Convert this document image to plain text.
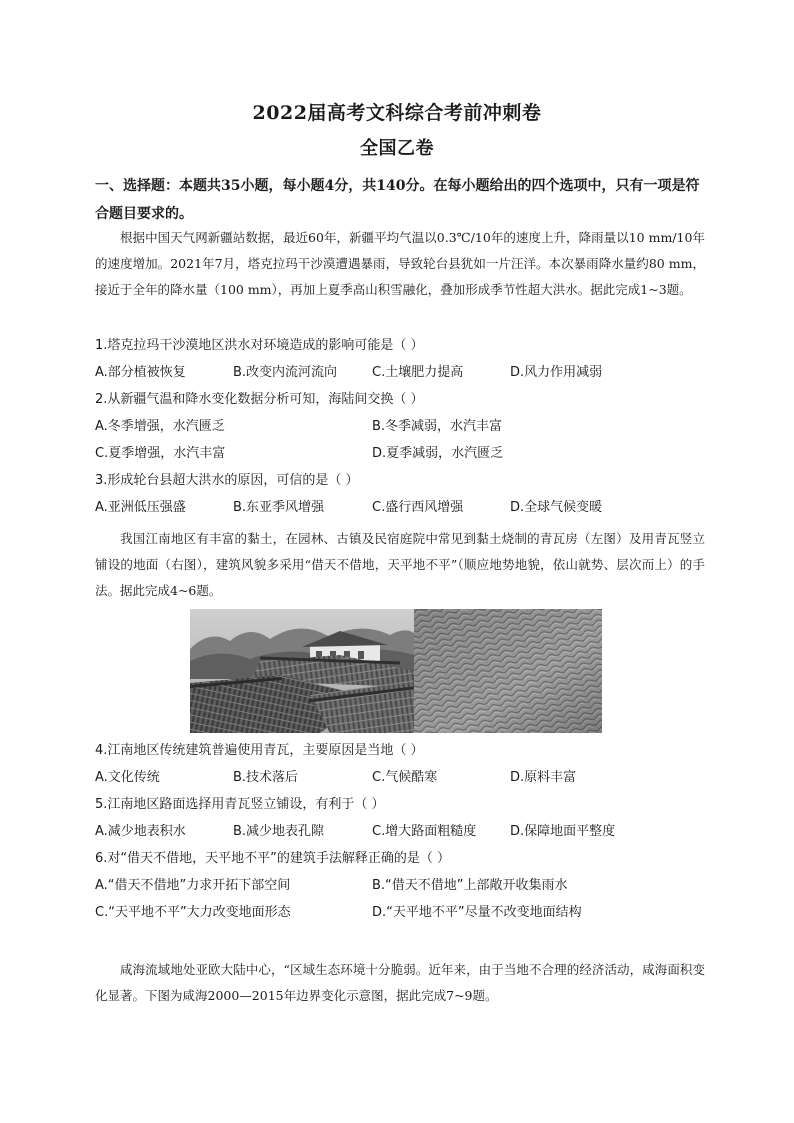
2022届高考文科综合考前冲刺卷
全国乙卷
一、选择题：本题共35小题，每小题4分，共140分。在每小题给出的四个选项中，只有一项是符合题目要求的。
根据中国天气网新疆站数据，最近60年，新疆平均气温以0.3℃/10年的速度上升，降雨量以10 mm/10年的速度增加。2021年7月，塔克拉玛干沙漠遭遇暴雨，导致轮台县犹如一片汪洋。本次暴雨降水量约80 mm，接近于全年的降水量（100 mm），再加上夏季高山积雪融化，叠加形成季节性超大洪水。据此完成1~3题。
1.塔克拉玛干沙漠地区洪水对环境造成的影响可能是（ ）
A.部分植被恢复	B.改变内流河流向	C.土壤肥力提高	D.风力作用减弱
2.从新疆气温和降水变化数据分析可知，海陆间交换（ ）
A.冬季增强，水汽匮乏	B.冬季减弱，水汽丰富
C.夏季增强，水汽丰富	D.夏季减弱，水汽匮乏
3.形成轮台县超大洪水的原因，可信的是（ ）
A.亚洲低压强盛	B.东亚季风增强	C.盛行西风增强	D.全球气候变暖
我国江南地区有丰富的黏土，在园林、古镇及民宿庭院中常见到黏土烧制的青瓦房（左图）及用青瓦竖立铺设的地面（右图），建筑风貌多采用“借天不借地，天平地不平”（顺应地势地貌，依山就势、层次而上）的手法。据此完成4~6题。
4.江南地区传统建筑普遍使用青瓦，主要原因是当地（ ）
A.文化传统	B.技术落后	C.气候酷寒	D.原料丰富
5.江南地区路面选择用青瓦竖立铺设，有利于（ ）
A.减少地表积水	B.减少地表孔隙	C.增大路面粗糙度	D.保障地面平整度
6.对“借天不借地，天平地不平”的建筑手法解释正确的是（ ）
A.“借天不借地”力求开拓下部空间	B.“借天不借地”上部敞开收集雨水
C.“天平地不平”大力改变地面形态	D.“天平地不平”尽量不改变地面结构
咸海流域地处亚欧大陆中心，“区域生态环境十分脆弱。近年来，由于当地不合理的经济活动，咸海面积变化显著。下图为咸海2000—2015年边界变化示意图，据此完成7~9题。
